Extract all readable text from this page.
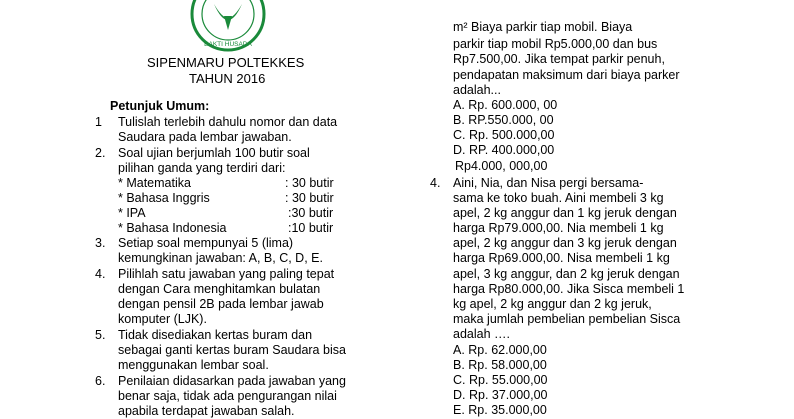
BAKTI HUSADA
SIPENMARU POLTEKKES
TAHUN 2016
Petunjuk Umum:
1 Tulislah terlebih dahulu nomor dan data
Saudara pada lembar jawaban.
2. Soal ujian berjumlah 100 butir soal
pilihan ganda yang terdiri dari:
* Matematika	: 30 butir
* Bahasa Inggris	: 30 butir
* IPA	:30 butir
* Bahasa Indonesia	:10 butir
3. Setiap soal mempunyai 5 (lima)
kemungkinan jawaban: A, B, C, D, E.
4. Pilihlah satu jawaban yang paling tepat
dengan Cara menghitamkan bulatan
dengan pensil 2B pada lembar jawab
komputer (LJK).
5. Tidak disediakan kertas buram dan
sebagai ganti kertas buram Saudara bisa
menggunakan lembar soal.
6. Penilaian didasarkan pada jawaban yang
benar saja, tidak ada pengurangan nilai
apabila terdapat jawaban salah.
m² Biaya parkir tiap mobil. Biaya
parkir tiap mobil Rp5.000,00 dan bus
Rp7.500,00. Jika tempat parkir penuh,
pendapatan maksimum dari biaya parker
adalah...
A. Rp. 600.000, 00
B. RP.550.000, 00
C. Rp. 500.000,00
D. RP. 400.000,00
Rp4.000, 000,00
4. Aini, Nia, dan Nisa pergi bersama-
sama ke toko buah. Aini membeli 3 kg
apel, 2 kg anggur dan 1 kg jeruk dengan
harga Rp79.000,00. Nia membeli 1 kg
apel, 2 kg anggur dan 3 kg jeruk dengan
harga Rp69.000,00. Nisa membeli 1 kg
apel, 3 kg anggur, dan 2 kg jeruk dengan
harga Rp80.000,00. Jika Sisca membeli 1
kg apel, 2 kg anggur dan 2 kg jeruk,
maka jumlah pembelian pembelian Sisca
adalah ….
A. Rp. 62.000,00
B. Rp. 58.000,00
C. Rp. 55.000,00
D. Rp. 37.000,00
E. Rp. 35.000,00
